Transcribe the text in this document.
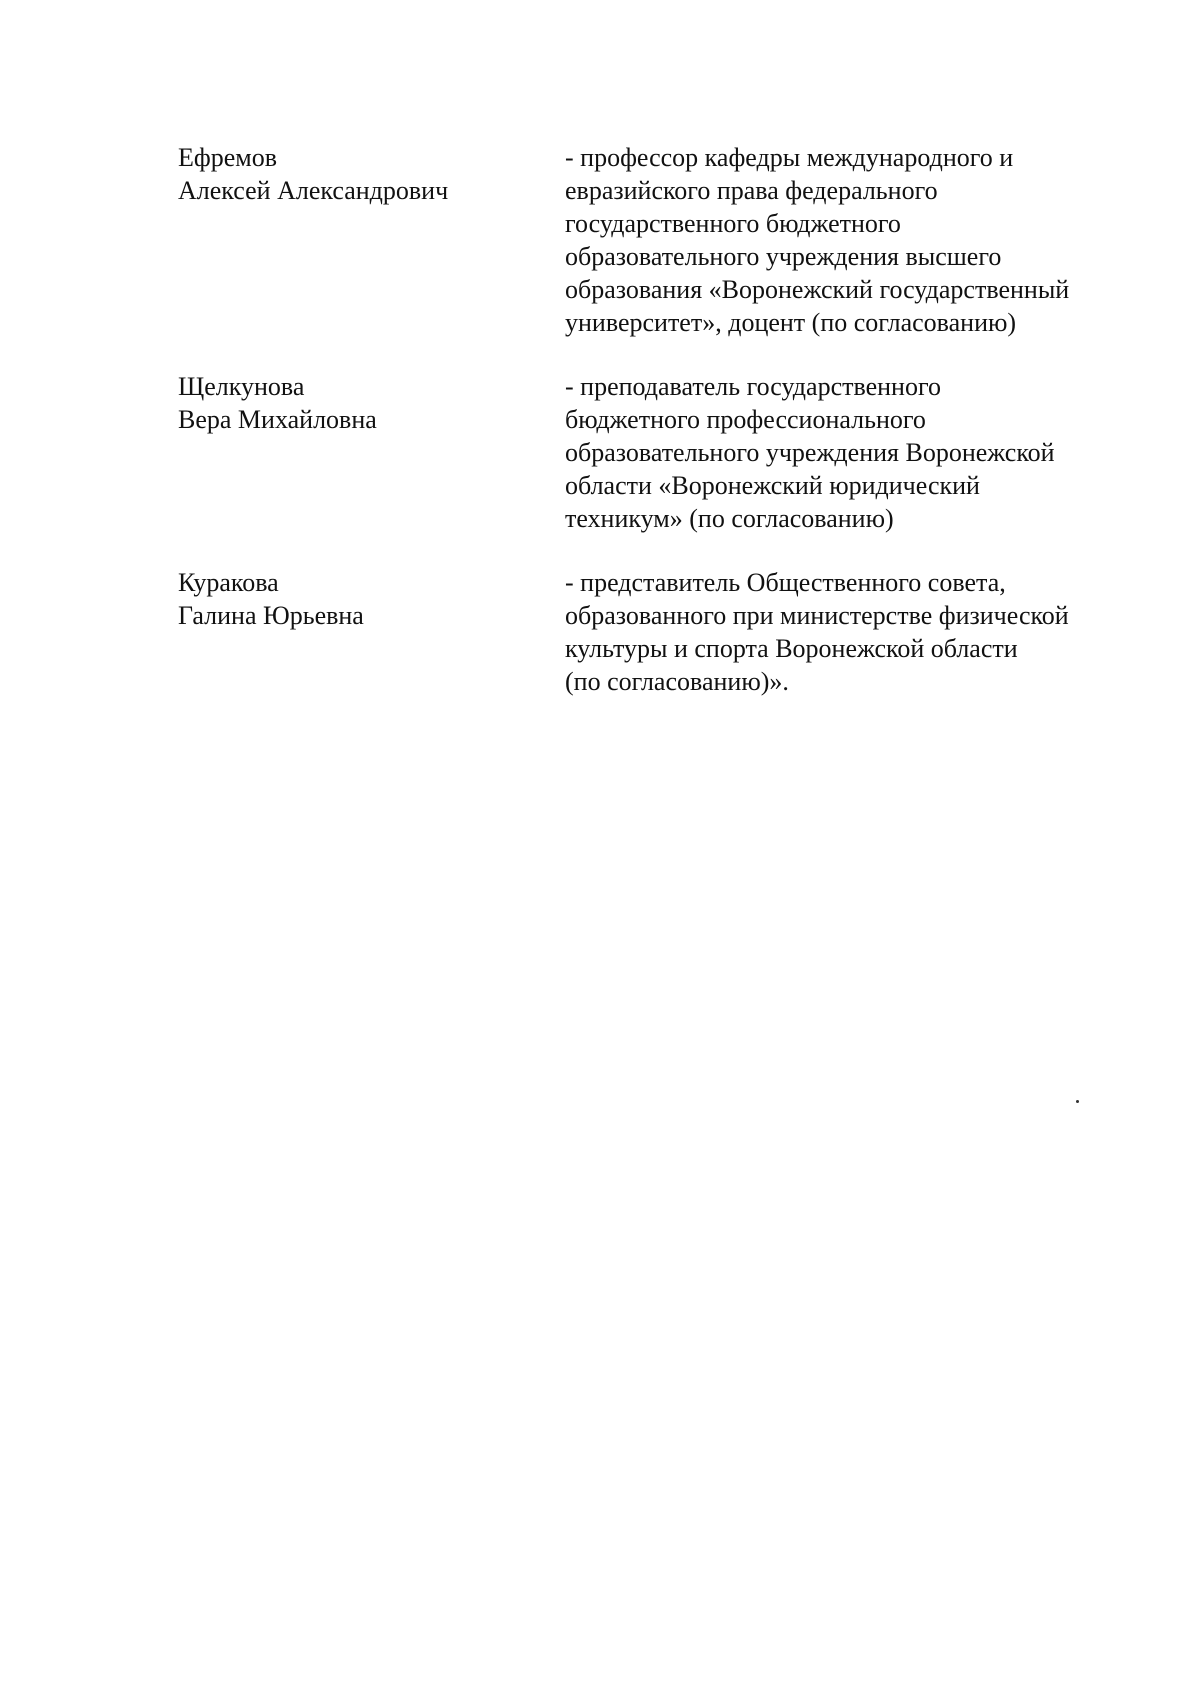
Ефремов
Алексей Александрович
- профессор кафедры международного и
евразийского права федерального
государственного бюджетного
образовательного учреждения высшего
образования «Воронежский государственный
университет», доцент (по согласованию)
Щелкунова
Вера Михайловна
- преподаватель государственного
бюджетного профессионального
образовательного учреждения Воронежской
области «Воронежский юридический
техникум» (по согласованию)
Куракова
Галина Юрьевна
- представитель Общественного совета,
образованного при министерстве физической
культуры и спорта Воронежской области
(по согласованию)».
